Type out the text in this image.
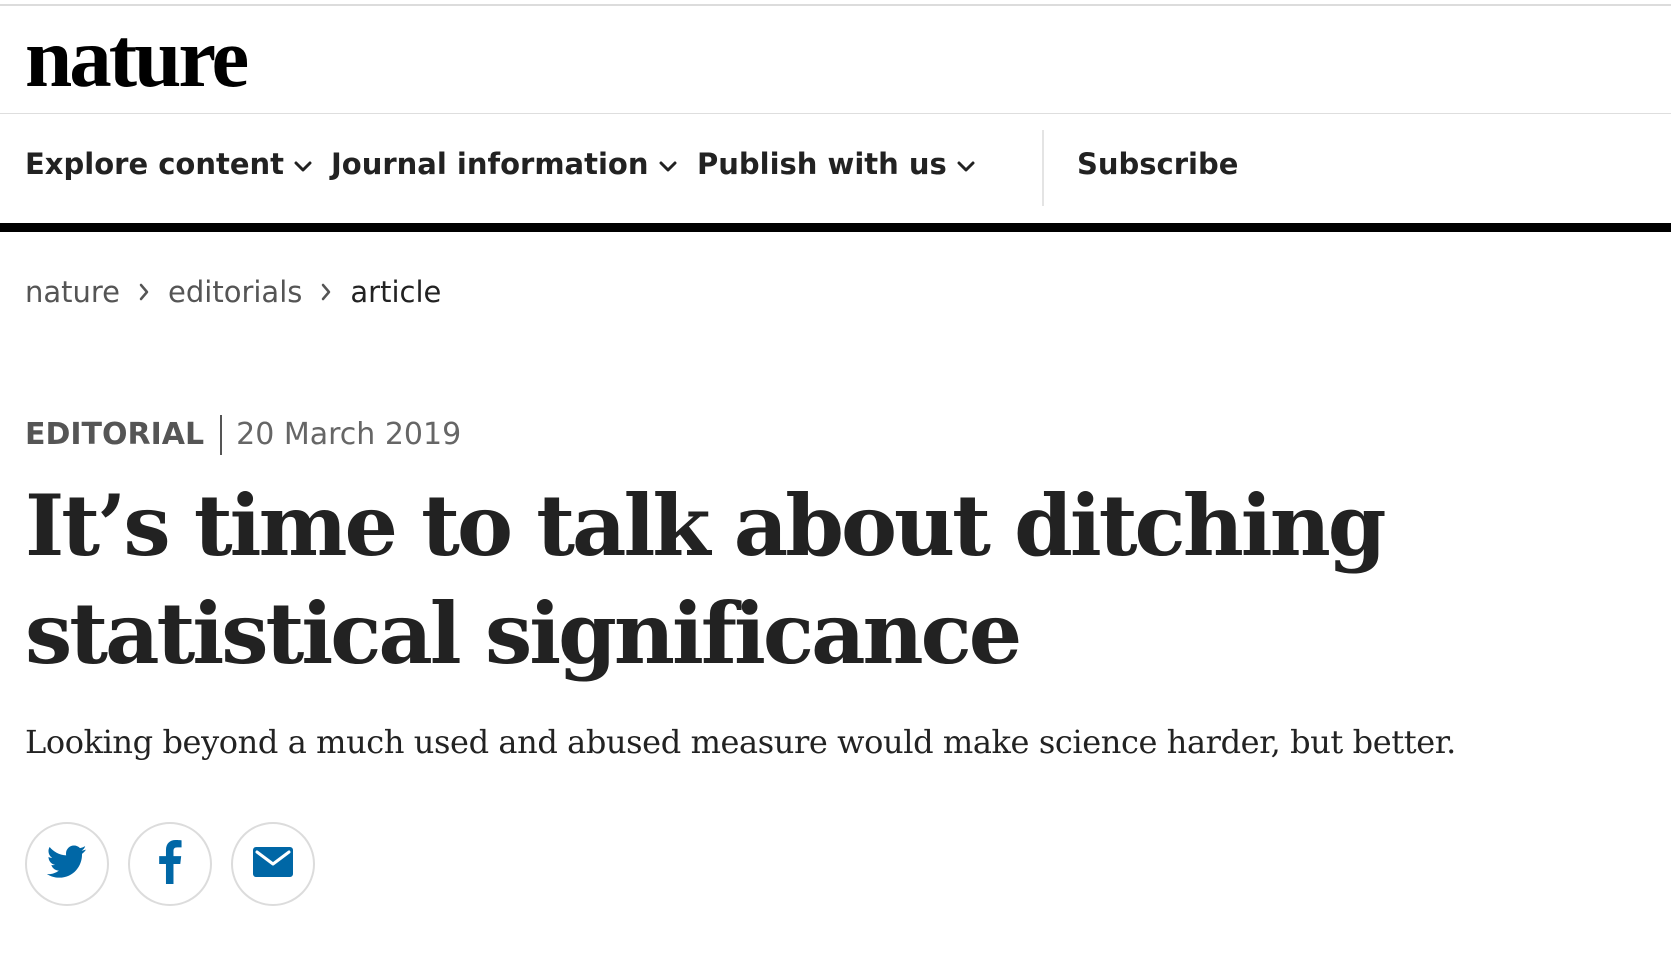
nature
Explore content	Journal information	Publish with us	Subscribe
nature editorials article
EDITORIAL 20 March 2019
It’s time to talk about ditching statistical significance

Looking beyond a much used and abused measure would make science harder, but better.
